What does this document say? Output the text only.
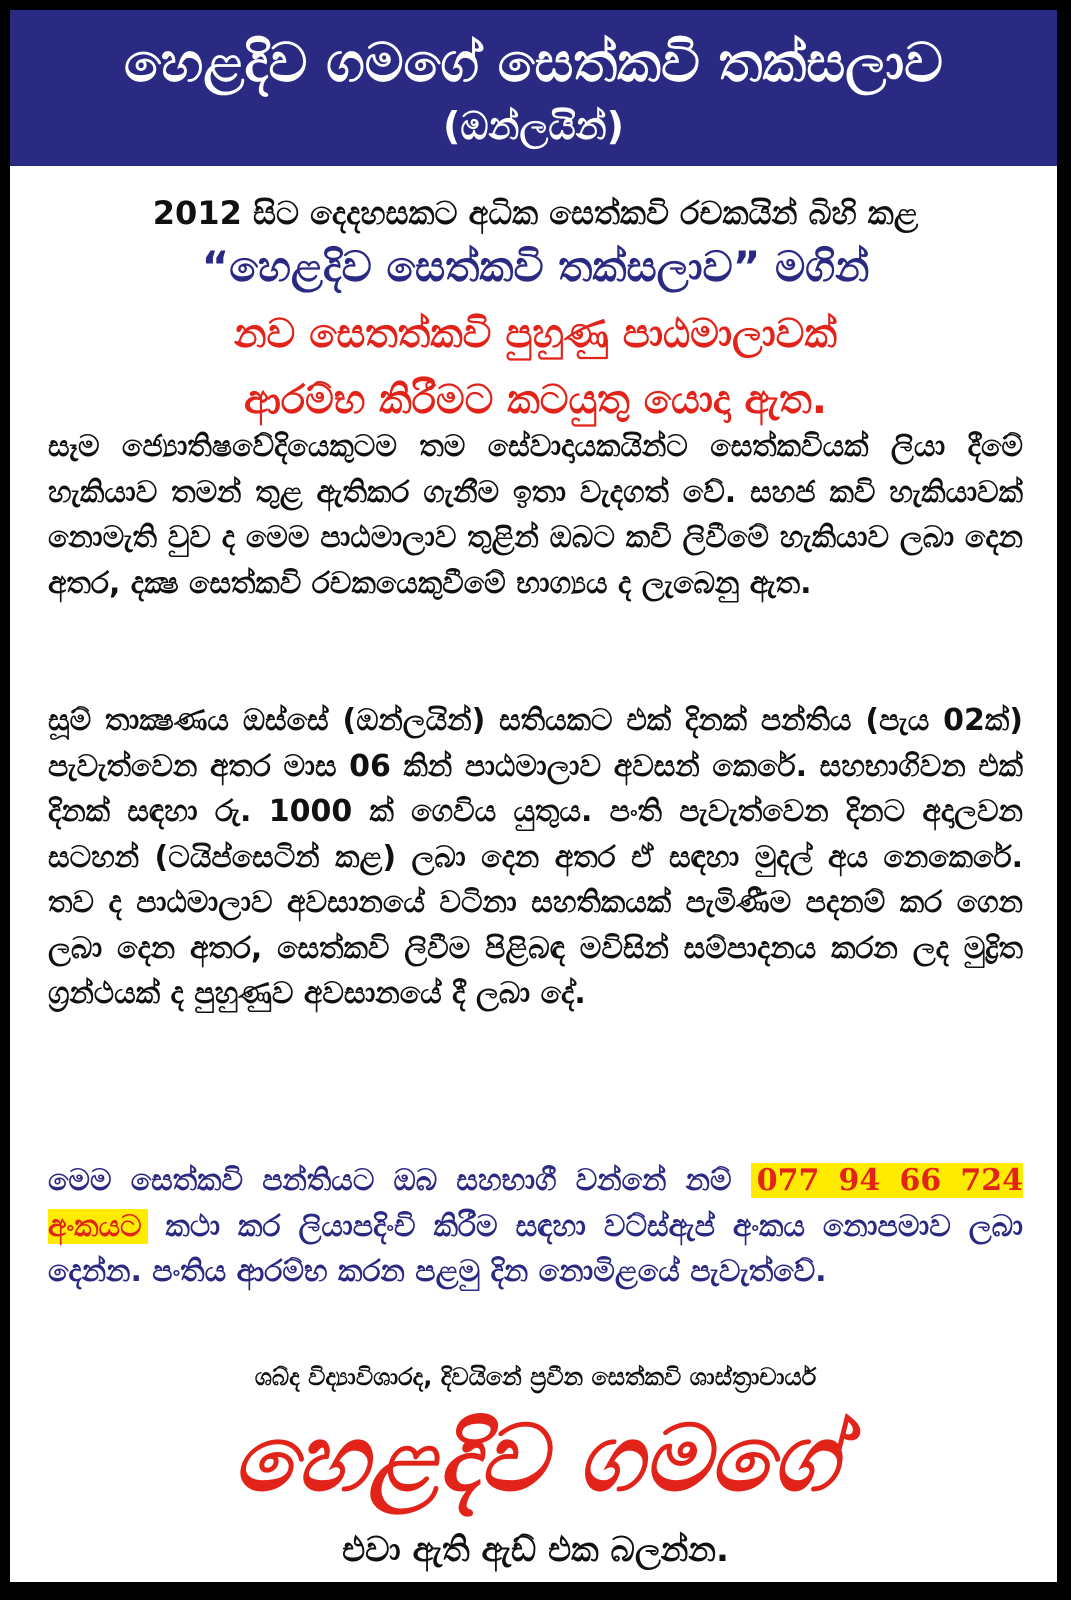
හෙළදිව ගමගේ සෙත්කවි තක්සලාව
(ඔන්ලයින්)
2012 සිට දෙදහසකට අධික සෙත්කවි රචකයින් බිහි කළ
“හෙළදිව සෙත්කවි තක්සලාව” මගින්
නව සෙතත්කවි පුහුණු පාඨමාලාවක්
ආරම්භ කිරීමට කටයුතු යොදා ඇත.
සෑම ජ්‍යොතිෂවේදියෙකුටම තම සේවාදායකයින්ට සෙත්කවියක් ලියා දීමේ හැකියාව තමන් තුළ ඇතිකර ගැනීම ඉතා වැදගත් වේ. සහජ කවි හැකියාවක් නොමැති වුව ද මෙම පාඨමාලාව තුළින් ඔබට කවි ලිවීමේ හැකියාව ලබා දෙන අතර, දක්‍ෂ සෙත්කවි රචකයෙකුවීමේ භාග්‍යය ද ලැබෙනු ඇත.
සූම් තාක්‍ෂණය ඔස්සේ (ඔන්ලයින්) සතියකට එක් දිනක් පන්තිය (පැය 02ක්) පැවැත්වෙන අතර මාස 06 කින් පාඨමාලාව අවසන් කෙරේ. සහභාගිවන එක් දිනක් සඳහා රු. 1000 ක් ගෙවිය යුතුය. පංති පැවැත්වෙන දිනට අදාලවන සටහන් (ටයිප්සෙටින් කළ) ලබා දෙන අතර ඒ සඳහා මුදල් අය නෙකෙරේ. තව ද පාඨමාලාව අවසානයේ වටිනා සහතිකයක් පැමිණීම පදනම් කර ගෙන ලබා දෙන අතර, සෙත්කවි ලිවීම පිළිබඳ මවිසින් සම්පාදනය කරන ලද මුද්‍රිත ග්‍රන්ථයක් ද පුහුණුව අවසානයේ දී ලබා දේ.
මෙම සෙත්කවි පන්තියට ඔබ සහභාගී වන්නේ නම් 077 94 66 724 අංකයට කථා කර ලියාපදිංචි කිරීම සඳහා වට්ස්ඇප් අංකය නොපමාව ලබා දෙන්න. පංතිය ආරම්භ කරන පළමු දින නොමිළයේ පැවැත්වේ.
ශබ්ද විද්‍යාවිශාරද, දිවයිනේ ප්‍රවීන සෙත්කවි ශාස්ත්‍රාචාර්ය
හෙළදිව ගමගේ
එවා ඇති ඇඩ් එක බලන්න.
